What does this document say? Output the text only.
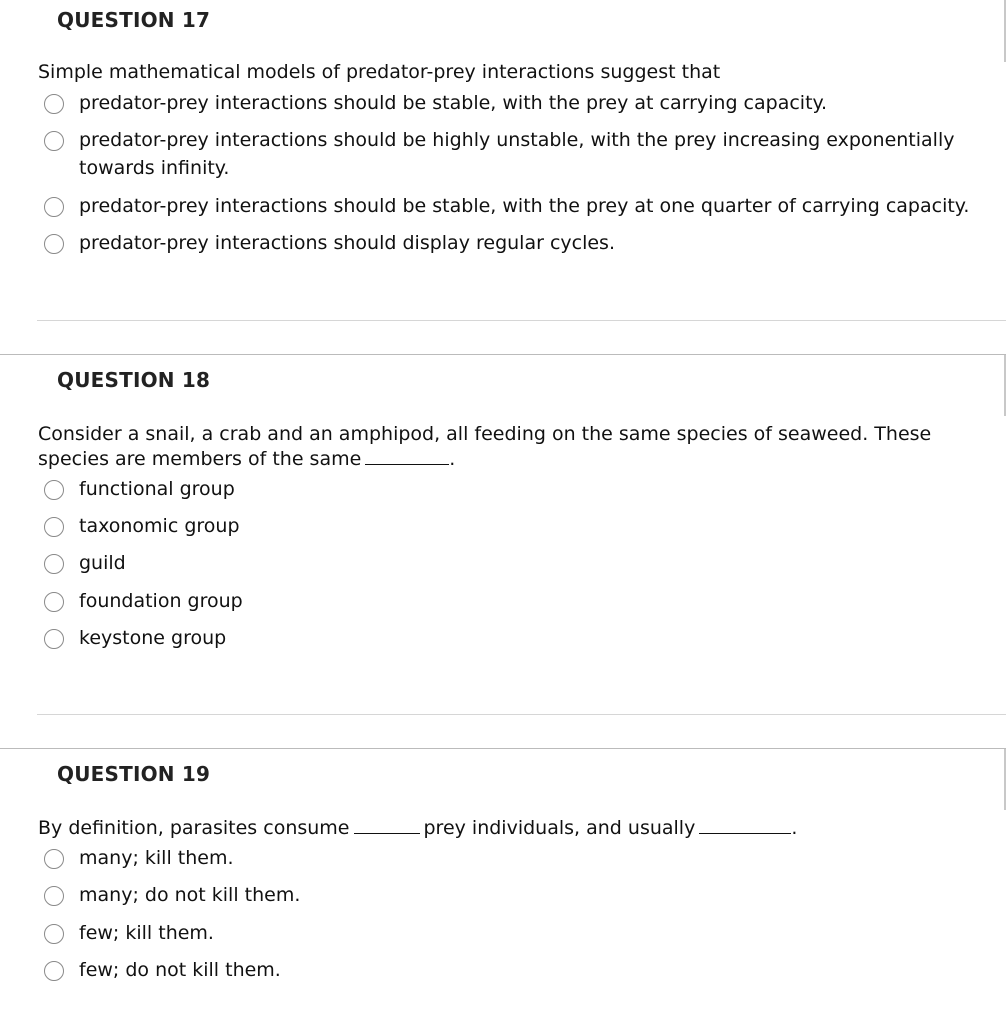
QUESTION 17
Simple mathematical models of predator-prey interactions suggest that
predator-prey interactions should be stable, with the prey at carrying capacity.
predator-prey interactions should be highly unstable, with the prey increasing exponentially towards infinity.
predator-prey interactions should be stable, with the prey at one quarter of carrying capacity.
predator-prey interactions should display regular cycles.
QUESTION 18
Consider a snail, a crab and an amphipod, all feeding on the same species of seaweed. These
species are members of the same	.
functional group
taxonomic group
guild
foundation group
keystone group
QUESTION 19
By definition, parasites consume	prey individuals, and usually	.
many; kill them.
many; do not kill them.
few; kill them.
few; do not kill them.
